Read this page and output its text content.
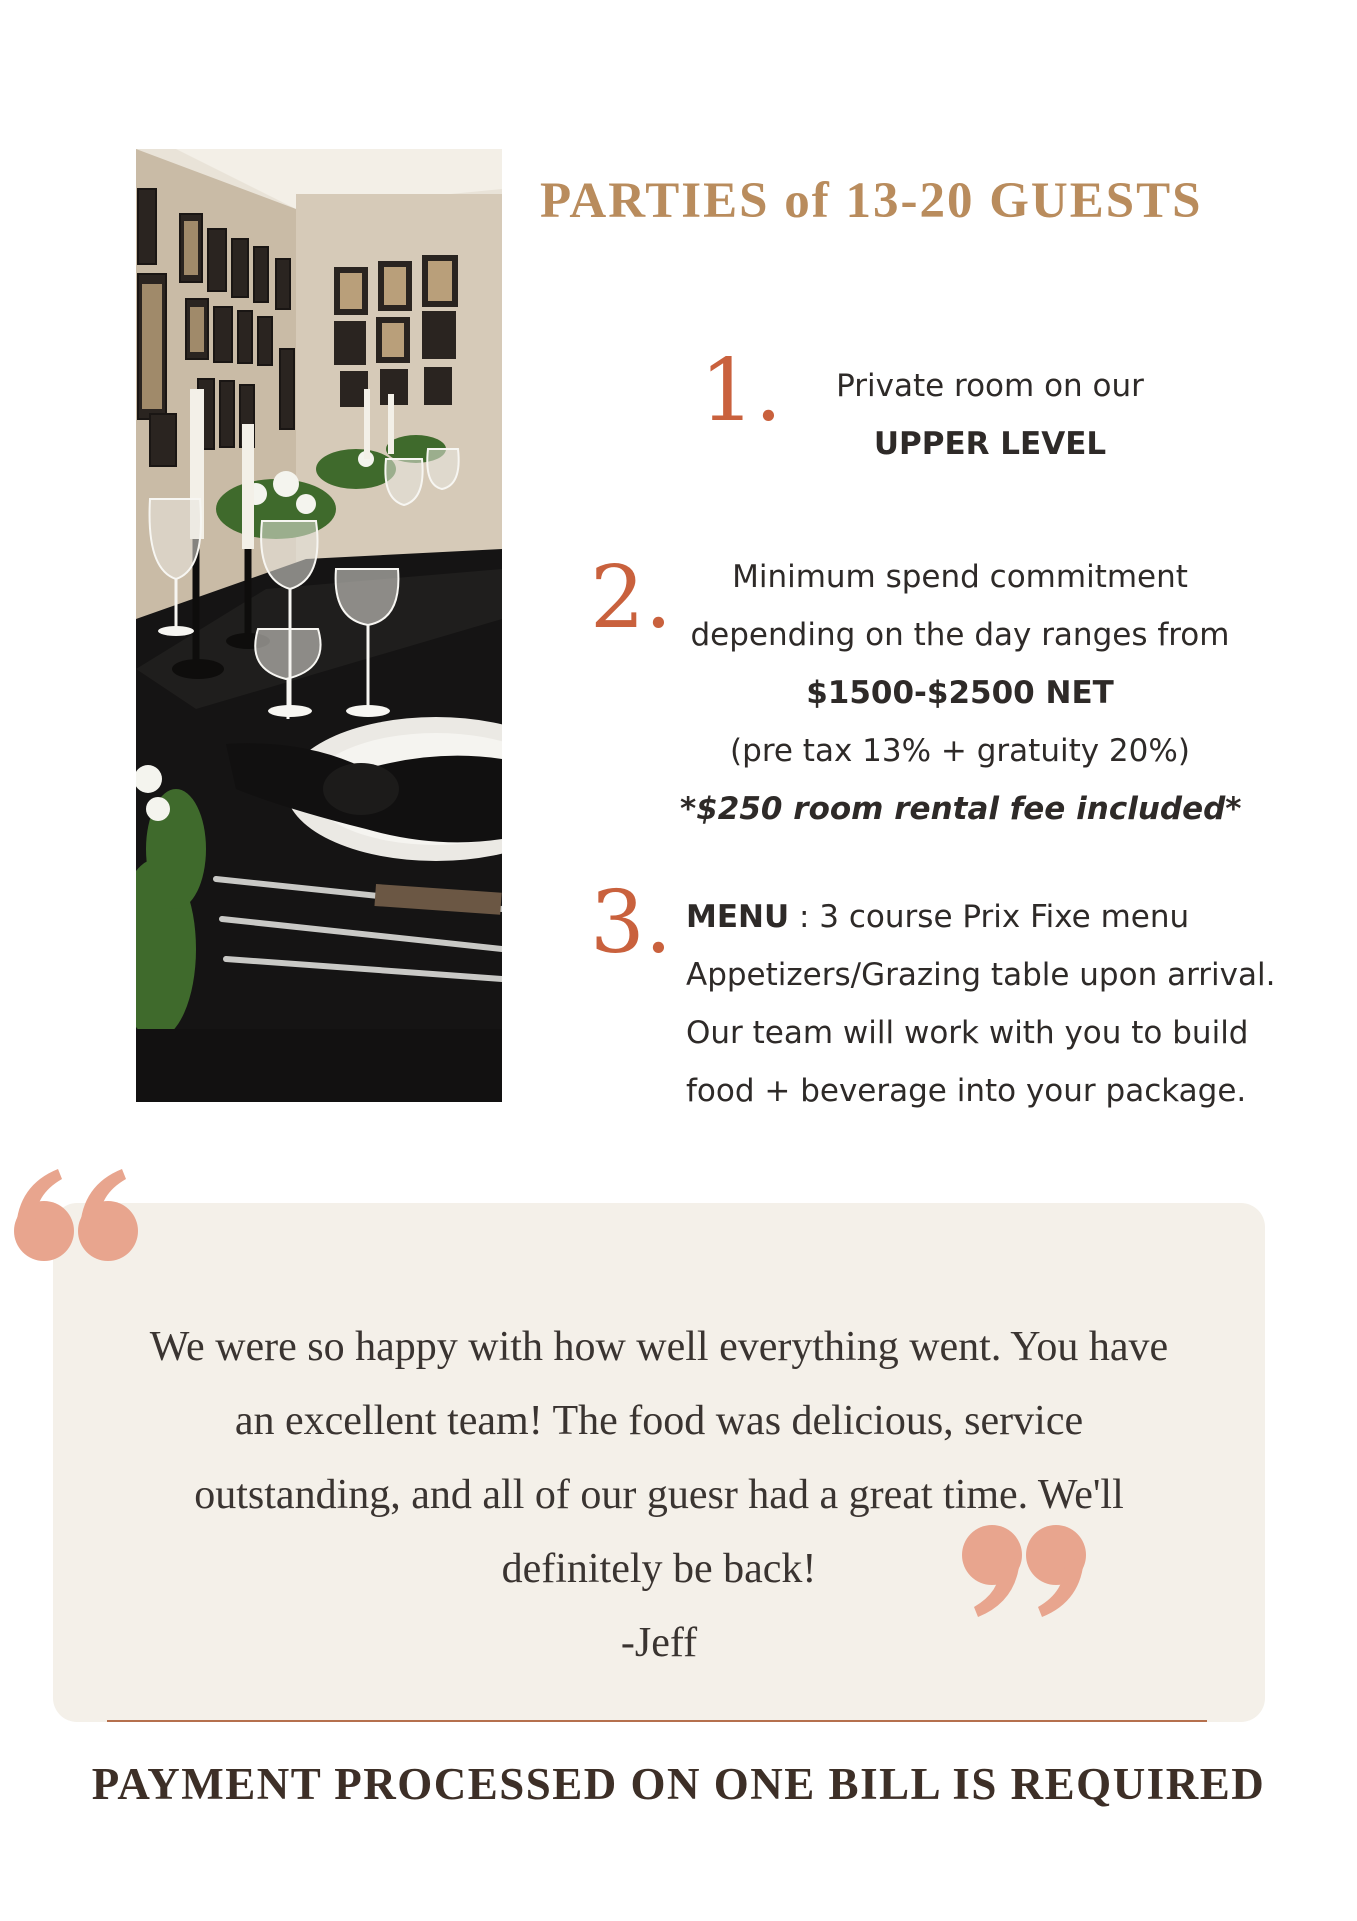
PARTIES of 13-20 GUESTS
1.	Private room on our
UPPER LEVEL
2.	Minimum spend commitment
depending on the day ranges from
$1500-$2500 NET
(pre tax 13% + gratuity 20%)
*$250 room rental fee included*
3. MENU : 3 course Prix Fixe menu
Appetizers/Grazing table upon arrival.
Our team will work with you to build
food + beverage into your package.
We were so happy with how well everything went. You have
an excellent team! The food was delicious, service
outstanding, and all of our guesr had a great time. We'll
definitely be back!
-Jeff
PAYMENT PROCESSED ON ONE BILL IS REQUIRED
